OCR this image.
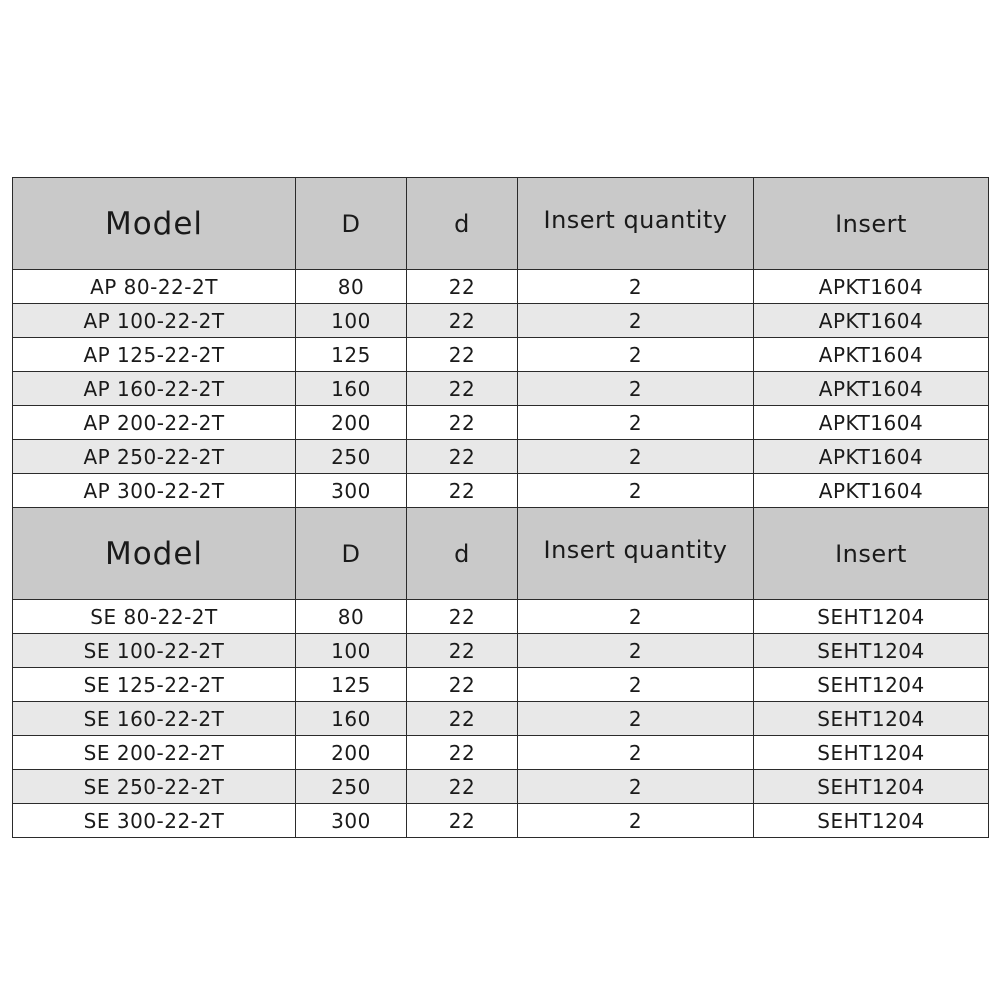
Model	D	d	Insert quantity	Insert
AP 80-22-2T	80	22	2	APKT1604
AP 100-22-2T	100	22	2	APKT1604
AP 125-22-2T	125	22	2	APKT1604
AP 160-22-2T	160	22	2	APKT1604
AP 200-22-2T	200	22	2	APKT1604
AP 250-22-2T	250	22	2	APKT1604
AP 300-22-2T	300	22	2	APKT1604
Model	D	d	Insert quantity	Insert
SE 80-22-2T	80	22	2	SEHT1204
SE 100-22-2T	100	22	2	SEHT1204
SE 125-22-2T	125	22	2	SEHT1204
SE 160-22-2T	160	22	2	SEHT1204
SE 200-22-2T	200	22	2	SEHT1204
SE 250-22-2T	250	22	2	SEHT1204
SE 300-22-2T	300	22	2	SEHT1204
